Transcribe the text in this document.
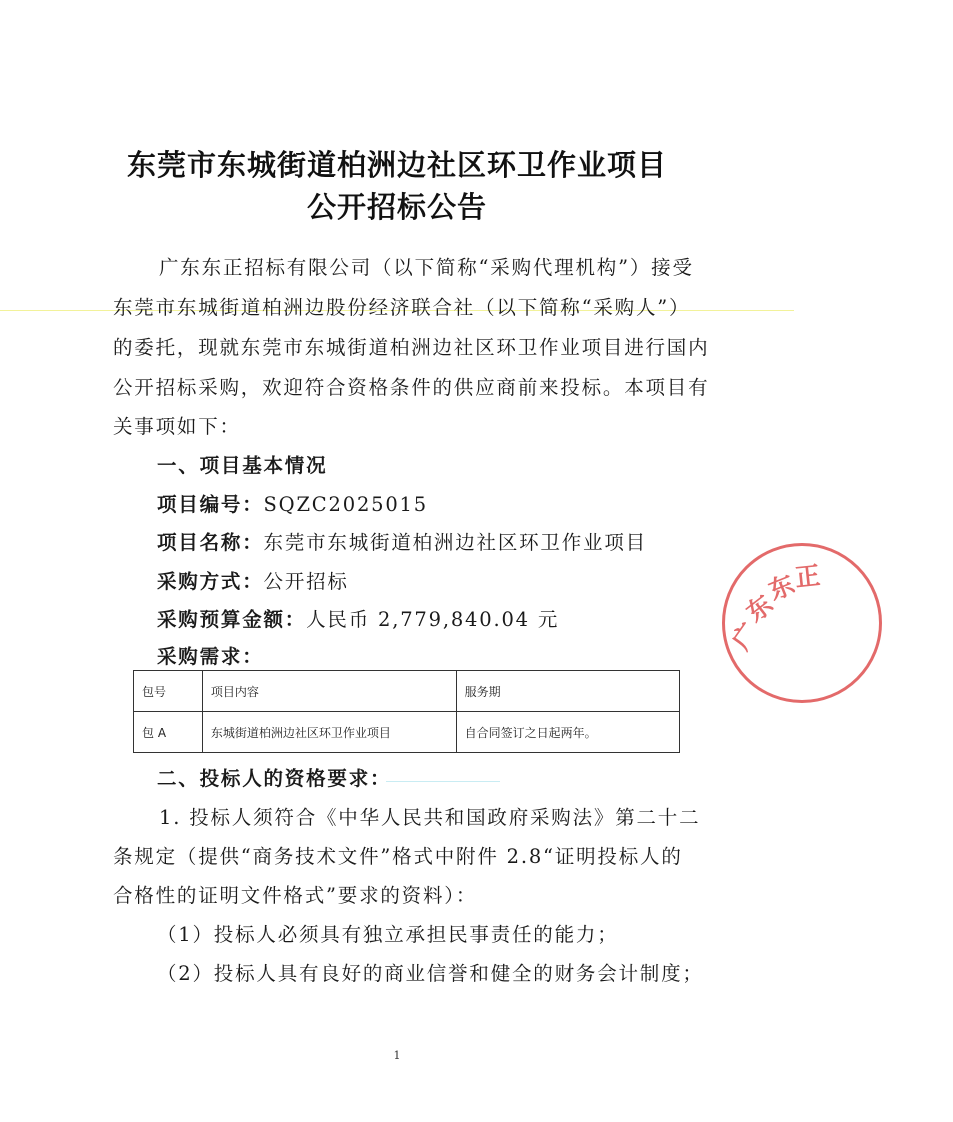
东莞市东城街道柏洲边社区环卫作业项目
公开招标公告
广东东正招标有限公司（以下简称“采购代理机构”）接受
东莞市东城街道柏洲边股份经济联合社（以下简称“采购人”）
的委托，现就东莞市东城街道柏洲边社区环卫作业项目进行国内
公开招标采购，欢迎符合资格条件的供应商前来投标。本项目有
关事项如下：
一、项目基本情况
项目编号：SQZC2025015
项目名称：东莞市东城街道柏洲边社区环卫作业项目
采购方式：公开招标
采购预算金额：人民币 2,779,840.04 元
采购需求：
包号	项目内容	服务期
包 A	东城街道柏洲边社区环卫作业项目	自合同签订之日起两年。
二、投标人的资格要求：
1. 投标人须符合《中华人民共和国政府采购法》第二十二
条规定（提供“商务技术文件”格式中附件 2.8“证明投标人的
合格性的证明文件格式”要求的资料）：
（1）投标人必须具有独立承担民事责任的能力；
（2）投标人具有良好的商业信誉和健全的财务会计制度；
1
广
东
东
正
